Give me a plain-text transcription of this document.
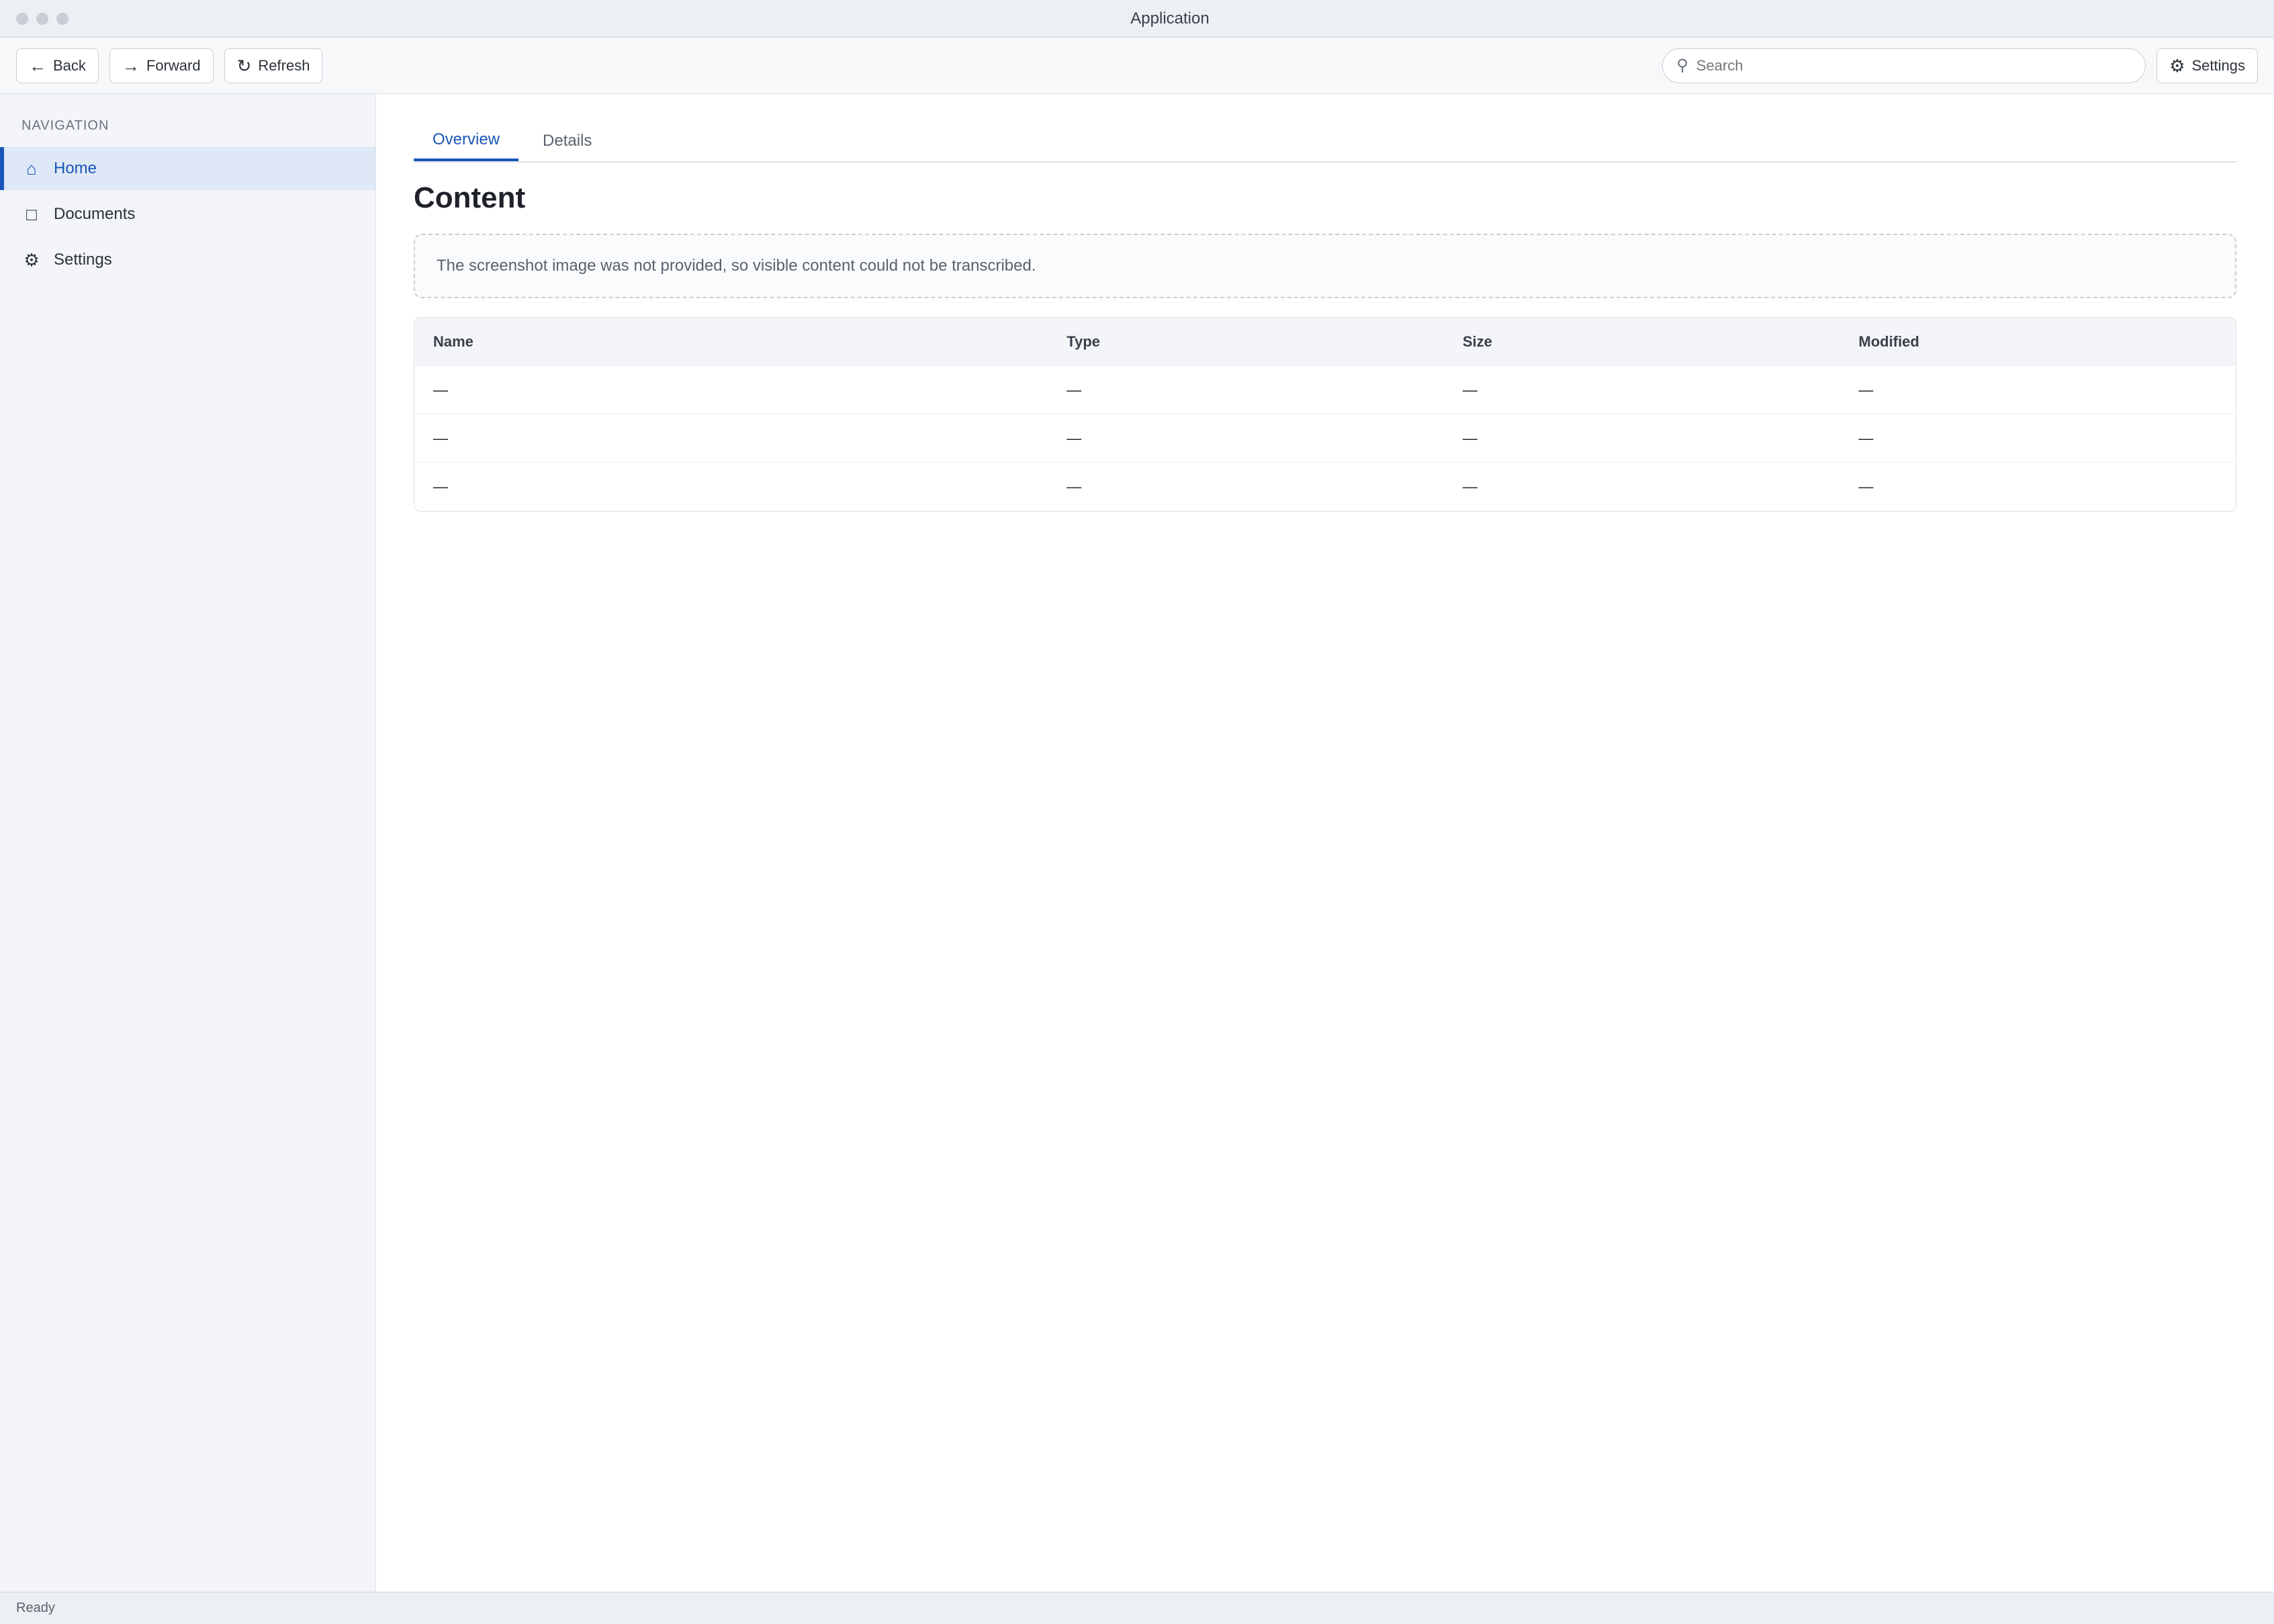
Application
← Back → Forward ↻ Refresh	⚲
Search	⚙ Settings
NAVIGATION
⌂ Home
□ Documents
⚙ Settings
Overview	Details
Content
The screenshot image was not provided, so visible content could not be transcribed.
Name	Type	Size	Modified
—	—	—	—
—	—	—	—
—	—	—	—
Ready
